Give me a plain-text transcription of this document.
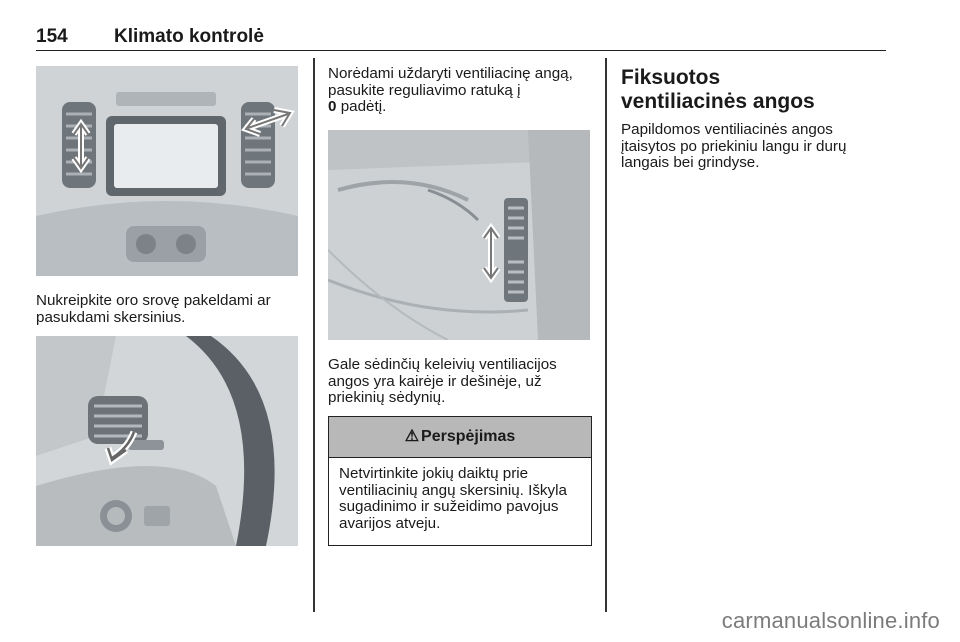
154 Klimato kontrolė
Nukreipkite oro srovę pakeldami ar pasukdami skersinius.
Norėdami uždaryti ventiliacinę angą, pasukite reguliavimo ratuką į
0 padėtį.
Gale sėdinčių keleivių ventiliacijos angos yra kairėje ir dešinėje, už priekinių sėdynių.
⚠ Perspėjimas
Netvirtinkite jokių daiktų prie ventiliacinių angų skersinių. Iškyla sugadinimo ir sužeidimo pavojus avarijos atveju.
Fiksuotos ventiliacinės angos
Papildomos ventiliacinės angos įtaisytos po priekiniu langu ir durų langais bei grindyse.
carmanualsonline.info
